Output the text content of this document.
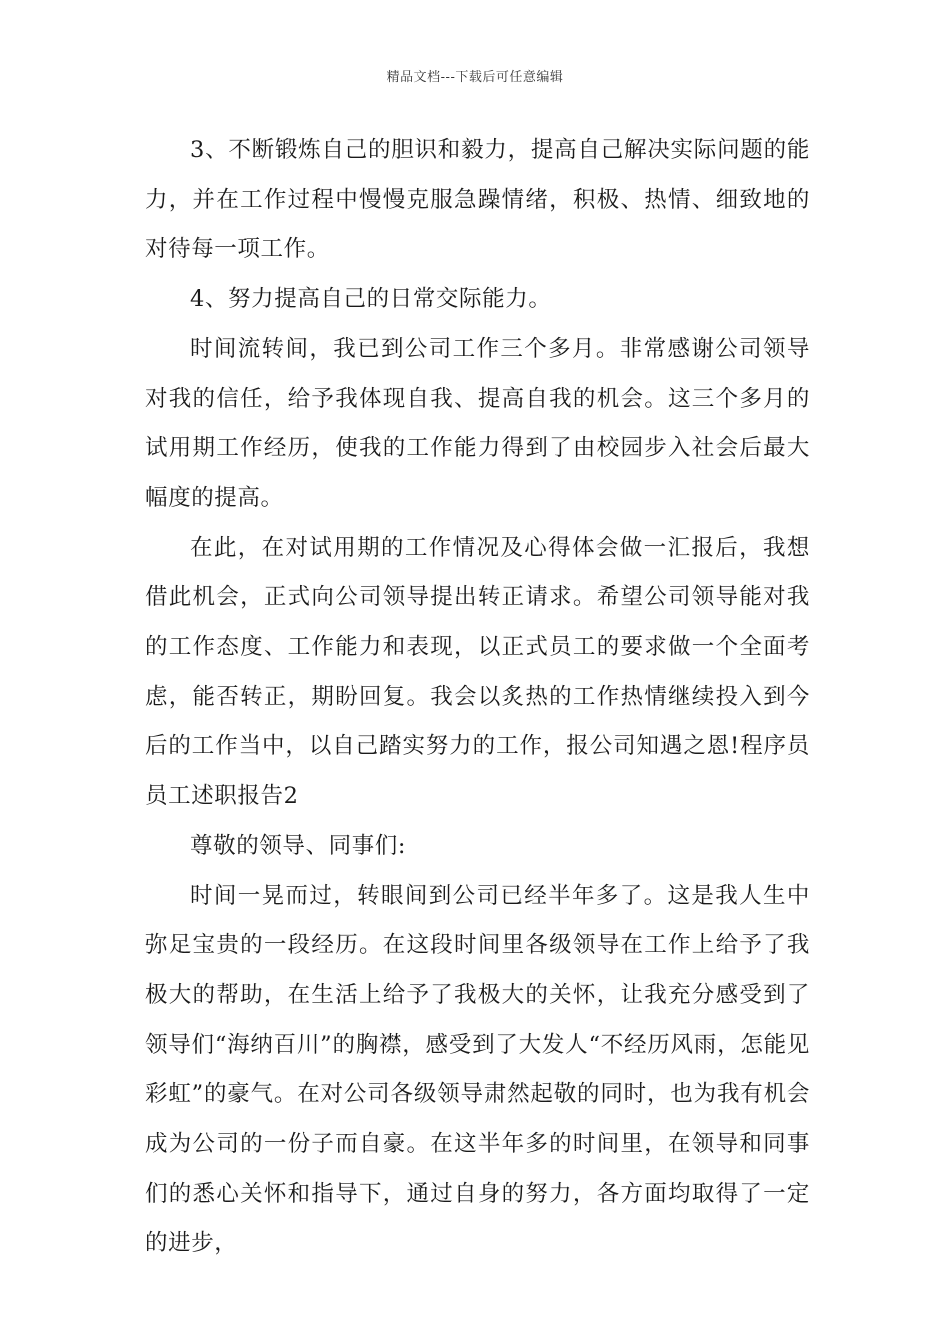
精品文档---下载后可任意编辑

3、不断锻炼自己的胆识和毅力，提高自己解决实际问题的能力，并在工作过程中慢慢克服急躁情绪，积极、热情、细致地的对待每一项工作。

4、努力提高自己的日常交际能力。

时间流转间，我已到公司工作三个多月。非常感谢公司领导对我的信任，给予我体现自我、提高自我的机会。这三个多月的试用期工作经历，使我的工作能力得到了由校园步入社会后最大幅度的提高。

在此，在对试用期的工作情况及心得体会做一汇报后，我想借此机会，正式向公司领导提出转正请求。希望公司领导能对我的工作态度、工作能力和表现，以正式员工的要求做一个全面考虑，能否转正，期盼回复。我会以炙热的工作热情继续投入到今后的工作当中，以自己踏实努力的工作，报公司知遇之恩!程序员员工述职报告2

尊敬的领导、同事们:

时间一晃而过，转眼间到公司已经半年多了。这是我人生中弥足宝贵的一段经历。在这段时间里各级领导在工作上给予了我极大的帮助，在生活上给予了我极大的关怀，让我充分感受到了领导们“海纳百川”的胸襟，感受到了大发人“不经历风雨，怎能见彩虹”的豪气。在对公司各级领导肃然起敬的同时，也为我有机会成为公司的一份子而自豪。在这半年多的时间里，在领导和同事们的悉心关怀和指导下，通过自身的努力，各方面均取得了一定的进步，
